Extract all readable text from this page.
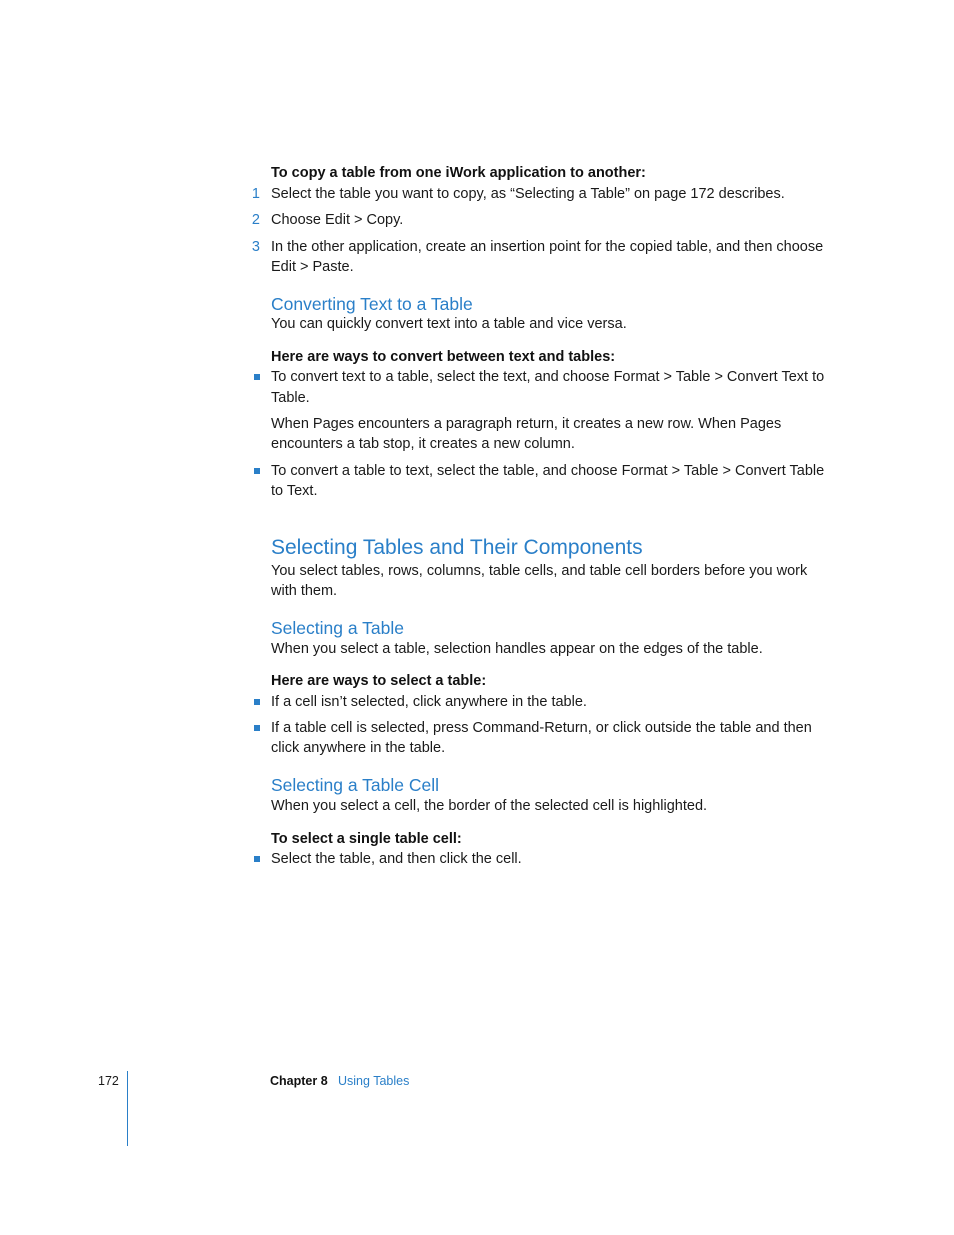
To copy a table from one iWork application to another:
1 Select the table you want to copy, as “Selecting a Table” on page 172 describes.
2 Choose Edit > Copy.
3 In the other application, create an insertion point for the copied table, and then choose
Edit > Paste.
Converting Text to a Table
You can quickly convert text into a table and vice versa.
Here are ways to convert between text and tables:
To convert text to a table, select the text, and choose Format > Table > Convert Text to
Table.
When Pages encounters a paragraph return, it creates a new row. When Pages
encounters a tab stop, it creates a new column.
To convert a table to text, select the table, and choose Format > Table > Convert Table
to Text.
Selecting Tables and Their Components
You select tables, rows, columns, table cells, and table cell borders before you work
with them.
Selecting a Table
When you select a table, selection handles appear on the edges of the table.
Here are ways to select a table:
If a cell isn’t selected, click anywhere in the table.
If a table cell is selected, press Command-Return, or click outside the table and then
click anywhere in the table.
Selecting a Table Cell
When you select a cell, the border of the selected cell is highlighted.
To select a single table cell:
Select the table, and then click the cell.
172	Chapter 8 Using Tables
